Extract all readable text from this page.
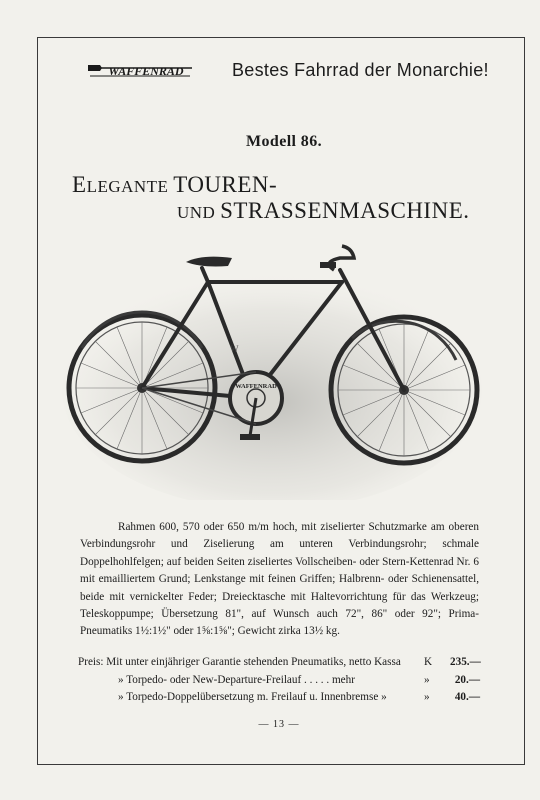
WAFFENRAD	Bestes Fahrrad der Monarchie!
Modell 86.
ELEGANTE TOUREN-
UND STRASSENMASCHINE.
W
WAFFENRAD
Rahmen 600, 570 oder 650 m/m hoch, mit ziselierter Schutzmarke am oberen Verbindungsrohr und Ziselierung am unteren Verbindungsrohr; schmale Doppelhohlfelgen; auf beiden Seiten ziseliertes Vollscheiben- oder Stern-Kettenrad Nr. 6 mit emailliertem Grund; Lenkstange mit feinen Griffen; Halbrenn- oder Schienensattel, beide mit vernickelter Feder; Dreiecktasche mit Haltevorrichtung für das Werkzeug; Teleskoppumpe; Übersetzung 81", auf Wunsch auch 72", 86" oder 92"; Prima-Pneumatiks 1½:1½" oder 1⅝:1⅝"; Gewicht zirka 13½ kg.
Preis: Mit unter einjähriger Garantie stehenden Pneumatiks, netto Kassa	K	235.—
» Torpedo- oder New-Departure-Freilauf . . . . . mehr	»	20.—
» Torpedo-Doppelübersetzung m. Freilauf u. Innenbremse »	»	40.—
— 13 —
